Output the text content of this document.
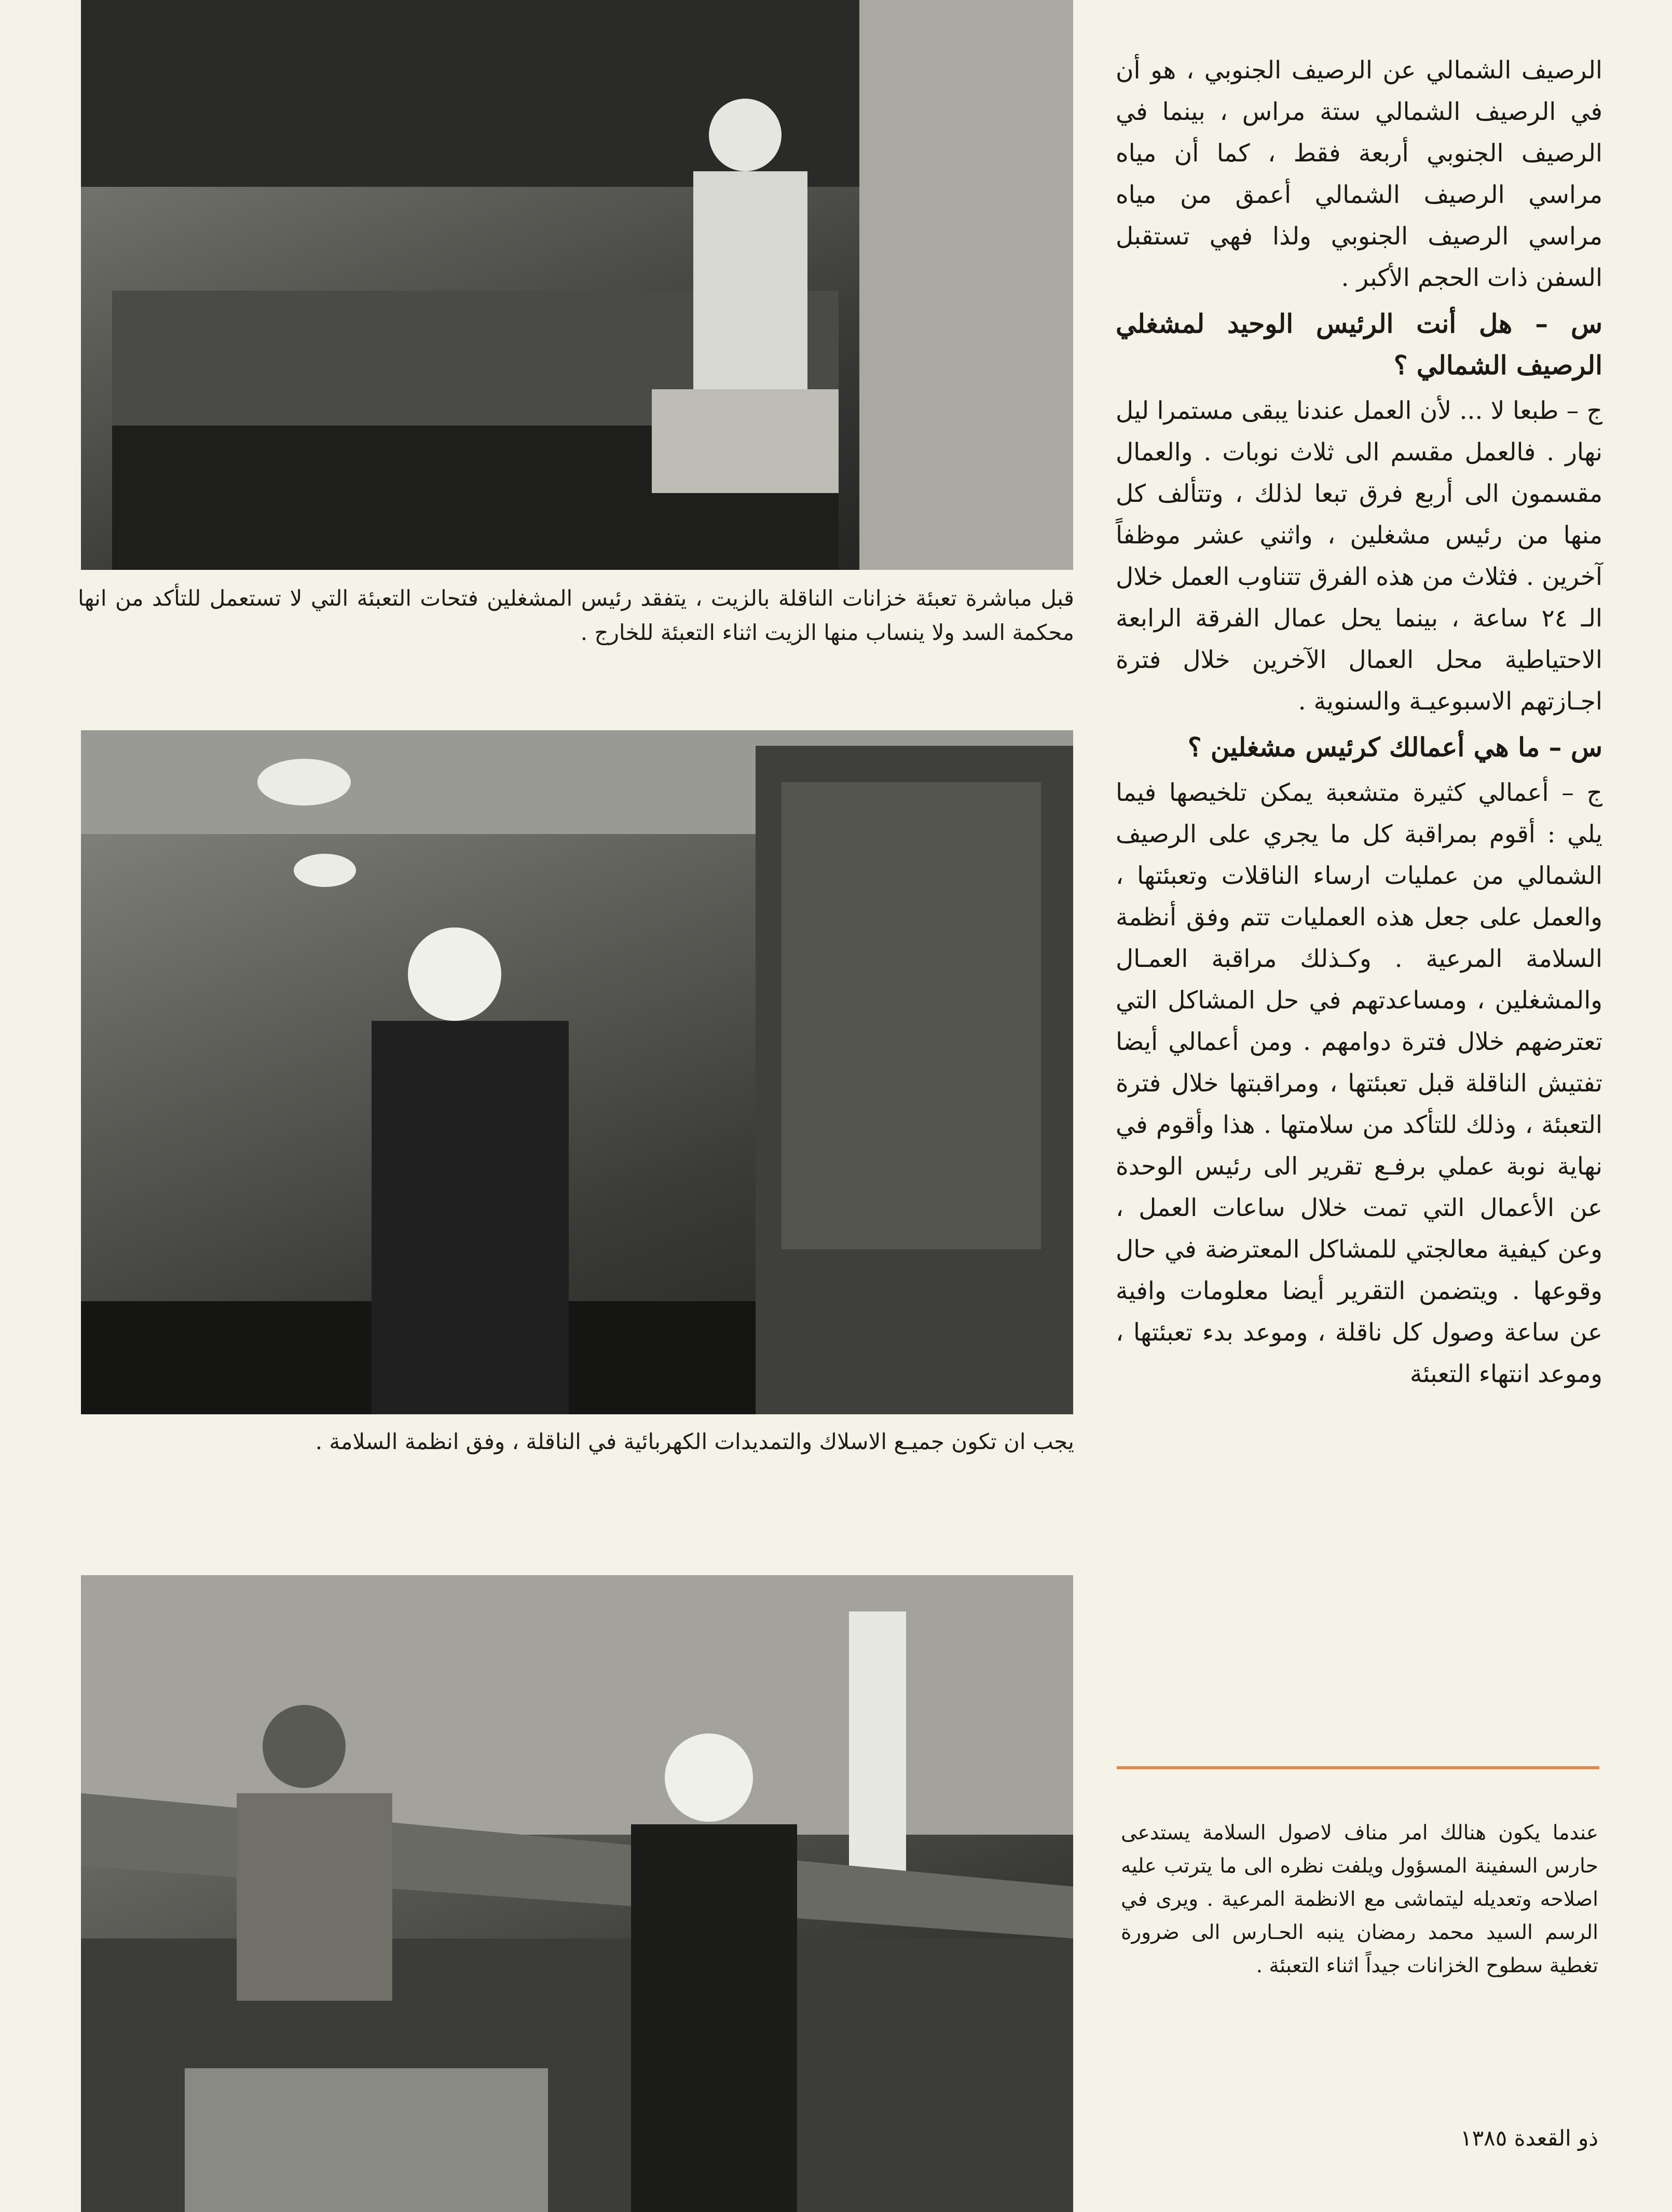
قبل مباشرة تعبئة خزانات الناقلة بالزيت ، يتفقد رئيس المشغلين فتحات التعبئة التي لا تستعمل للتأكد من انها محكمة السد ولا ينساب منها الزيت اثناء التعبئة للخارج .
يجب ان تكون جميـع الاسلاك والتمديدات الكهربائية في الناقلة ، وفق انظمة السلامة .

الرصيف الشمالي عن الرصيف الجنوبي ، هو أن في الرصيف الشمالي ستة مراس ، بينما في الرصيف الجنوبي أربعة فقط ، كما أن مياه مراسي الرصيف الشمالي أعمق من مياه مراسي الرصيف الجنوبي ولذا فهي تستقبل السفن ذات الحجم الأكبر .

س – هل أنت الرئيس الوحيد لمشغلي الرصيف الشمالي ؟

ج – طبعا لا ... لأن العمل عندنا يبقى مستمرا ليل نهار . فالعمل مقسم الى ثلاث نوبات . والعمال مقسمون الى أربع فرق تبعا لذلك ، وتتألف كل منها من رئيس مشغلين ، واثني عشر موظفاً آخرين . فثلاث من هذه الفرق تتناوب العمل خلال الـ ٢٤ ساعة ، بينما يحل عمال الفرقة الرابعة الاحتياطية محل العمال الآخرين خلال فترة اجـازتهم الاسبوعيـة والسنوية .

س – ما هي أعمالك كرئيس مشغلين ؟

ج – أعمالي كثيرة متشعبة يمكن تلخيصها فيما يلي : أقوم بمراقبة كل ما يجري على الرصيف الشمالي من عمليات ارساء الناقلات وتعبئتها ، والعمل على جعل هذه العمليات تتم وفق أنظمة السلامة المرعية . وكـذلك مراقبة العمـال والمشغلين ، ومساعدتهم في حل المشاكل التي تعترضهم خلال فترة دوامهم . ومن أعمالي أيضا تفتيش الناقلة قبل تعبئتها ، ومراقبتها خلال فترة التعبئة ، وذلك للتأكد من سلامتها . هذا وأقوم في نهاية نوبة عملي برفـع تقرير الى رئيس الوحدة عن الأعمال التي تمت خلال ساعات العمل ، وعن كيفية معالجتي للمشاكل المعترضة في حال وقوعها . ويتضمن التقرير أيضا معلومات وافية عن ساعة وصول كل ناقلة ، وموعد بدء تعبئتها ، وموعد انتهاء التعبئة

عندما يكون هنالك امر مناف لاصول السلامة يستدعى حارس السفينة المسؤول ويلفت نظره الى ما يترتب عليه اصلاحه وتعديله ليتماشى مع الانظمة المرعية . ويرى في الرسم السيد محمد رمضان ينبه الحـارس الى ضرورة تغطية سطوح الخزانات جيداً اثناء التعبئة .
ذو القعدة ١٣٨٥
